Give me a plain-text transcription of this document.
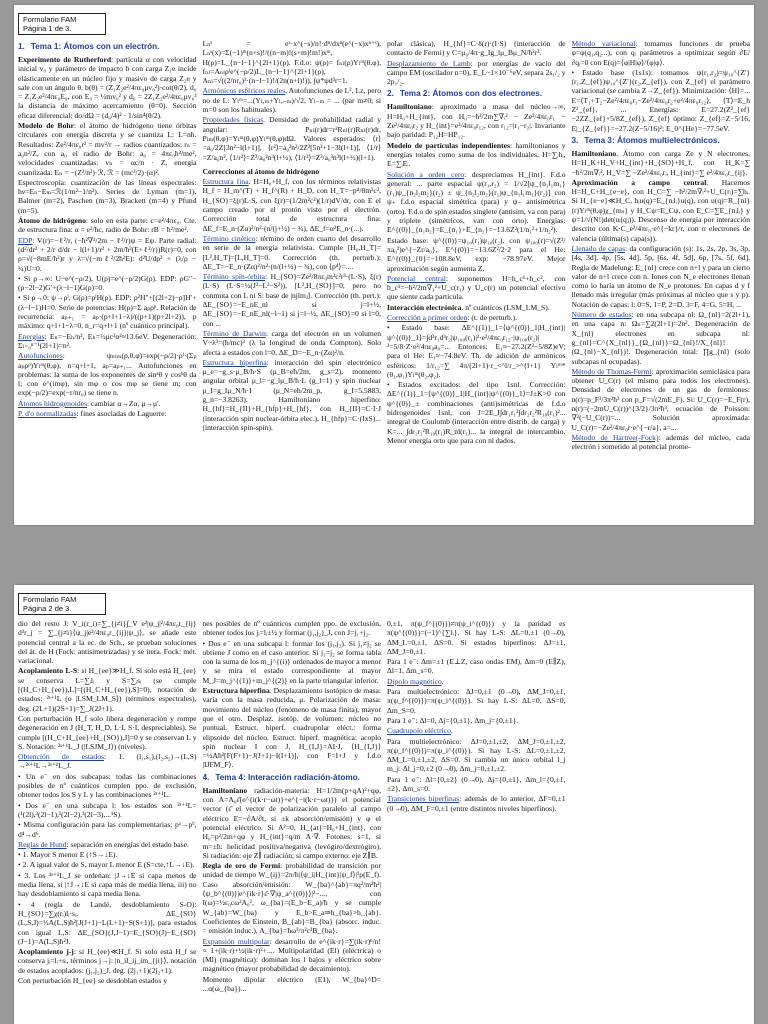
Formulario FAM
Página 1 de 3.
1. Tema 1: Átomos con un electrón.

Experimento de Rutherford: partícula α con velocidad inicial v₀ y parámetro de impacto b con carga Z₁e incide elásticamente en un núcleo fijo y masivo de carga Z₂e y sale con un ángulo θ. b(θ) = (Z₁Z₂e²/4πε₀μv₀²)·cot(θ/2), d₀ = Z₁Z₂e²/4πε₀E₀, con E₀ = ½mv₀² y d₀ = 2Z₁Z₂e²/4πε₀μv₀² la distancia de máximo acercamiento (θ=0). Sección eficaz diferencial: dσ/dΩ = (d₀/4)² · 1/sin⁴(θ/2).

Modelo de Bohr: el átomo de hidrógeno tiene órbitas circulares con energía discreta y se cuantiza L: L=nħ. Resultados: Ze²/4πε₀r² = mv²/r → radios cuantizados: rₙ = a₀n²/Z, con a₀ el radio de Bohr: a₀ = 4πε₀ħ²/me², velocidades cuantizadas: vₙ = αc/n · Z, energía cuantizada: Eₙ = −(Z²/n²)·ℛ, ℛ = (mc²/2)·(α)².

Espectroscopía: cuantización de las líneas espectrales: hν=Eₙ−Eₘ=ℛ(1/m²−1/n²). Series de Lyman (m=1), Balmer (m=2), Paschen (m=3), Brackett (m=4) y Pfund (m=5).

Átomo de hidrógeno: solo en esta parte: c=e²/4πε₀. Cte. de estructura fina: α = e²/ħc, radio de Bohr: rB = ħ²/me².

EDP: V(r)=−ℓ²/r, (−ħ²∇²/2m − ℓ²/r)ψ = Eψ. Parte radial: (d²/dr² + 2/r d/dr − l(l+1)/r² + 2m/ħ²(E+ℓ²/r))R(r)=0, con ρ=√(−8mE/ħ²)r y λ=√(−mℓ²/2ħ²E): d²U/dρ² + (λ/ρ − ¼)U=0.

• Si ρ→∞: U~e^(−ρ/2), U(ρ)=e^(−ρ/2)G(ρ). EDP: ρG″−(ρ−2l−2)G′+(λ−l−1)G(ρ)=0.

• Si ρ→0: ψ→ρˡ, G(ρ)=ρˡH(ρ). EDP: ρ²H″+[(2l+2)−ρ]H′+(λ−l−1)H=0. Serie de potencias: H(ρ)=Σ aₚρᵖ. Relación de recurrencia: aₚ₊₁ = aₚ·(p+l+1−λ)/((p+1)(p+2l+2)), p máximo: q+l+1−λ=0, n_r=q+l+1 (nº cuántico principal).

Energías: Eₙ=−Eₕ/n², Eₕ=½μc²α²≈13.6eV. Degeneración: Σₗ₌₀ⁿ⁻¹(2l+1)=n².

Autofunciones: ψₙₗₘ(ρ,θ,φ)=exp(−ρ/2)·ρˡ·(Σₚ aₚρᵖ)Yₗᵐ(θ,φ), n=q+l+1, aₚ=aₚ₊₁... Autofunciones en problemas: la suma de los exponentes de sinᵃθ y cosᵇθ da l; con e^(imφ), sin mφ o cos mφ se tiene m; con exp(−ρ/2)=exp(−r/nr₀) se tiene n.

Átomos hidrogenoides: cambiar α→Zα, μ→μ′.

P. d'o normalizadas: fines asociadas de Laguerre:

Lₙˢ = eˣ·x^(−s)/n!·dⁿ/dxⁿ(e^(−x)xⁿ⁺ˢ), Lₙˢ(x)=Σ(−1)ᵐ(n+s)!/((n−m)!(s+m)!m!)xᵐ, H(ρ)=L_{n−l−1}^{2l+1}(ρ). F.d.o: ψ(ρ)= fₙₗ(ρ)Yₗᵐ(θ,φ), fₙₗ=Aₙₗρˡe^(−ρ/2)L_{n−l−1}^{2l+1}(ρ), Aₙₗ=√((2/nr₀)³·(n−l−1)!/(2n(n+l)!)), ∫ψ*ψd³r=1.

Armónicos esféricos reales. Autofunciones de L², Lz, pero no de L: Yₗᵐ=...(Yₗ,ₘ+Yₗ,₋ₘ)/√2, Yₗ₋ₘ = ... (par m≠0; si m=0 son los habituales).

Propiedades físicas. Densidad de probabilidad radial y angular: Pₙₗ(r)dr=r²Rₙₗ(r)Rₙₗ(r)dr, Pₗₘ(θ,φ)=Yₗᵐ(θ,φ)Yₗᵐ(θ,φ)dΩ. Valores esperados: ⟨r⟩=a₀/2Z[3n²−l(l+1)], ⟨r²⟩=a₀²n²/2Z²[5n²+1−3l(l+1)], ⟨1/r⟩=Z/a₀n², ⟨1/r²⟩=Z²/a₀²n³(l+½), ⟨1/r³⟩=Z³/a₀³n³l(l+½)(l+1).

Correcciones al átomo de hidrógeno

Estructura fina. H=H₀+H_f, con los términos relativistas H_f = H_m^(T) + H_f^(R) + H_D, con H_T=−p⁴/8m³c², H_{SO}=ξ(r)L·S, con ξ(r)=(1/2m²c²)(1/r)dV/dr, con E el campo creado por el protón visto por el electrón. Corrección total de estructura fina: ΔE_f=E_n·(Zα)²/n²·(n/(j+½) − ¾), ΔE_f=α²E_n·(...).

Término cinético: término de orden cuarto del desarrollo en serie de la energía relativista. Cumple [H₀,H_T]=[L²,H_T]=[L,H_T]=0. Corrección (th. perturb.): ΔE_T=−E_n·(Zα)²/n²·(n/(l+½) − ¾), con ⟨p⁴⟩=....

Término spin-órbita: H_{SO}=Ze²/8πε₀m²c²r³·(L·S), ξ(r)(L·S) (L·S=½(J²−L²−S²)), [L²,H_{SO}]=0, pero no conmuta con L ni S: base de |njlmⱼ⟩. Corrección (th. pert.): ΔE_{SO}=−E_nE_nl si j=l+½, ΔE_{SO}=−E_nE_nl(−l−1) si j=l−½, ΔE_{SO}=0 si l=0, con ...

Término de Darwin: carga del electrón en un volumen V~λ³=(ħ/mc)³ (λ la longitud de onda Compton). Solo afecta a estados con l=0, ΔE_D=−E_n·(Zα)²/n.

Estructura hiperfina: interacción del spin electrónico μ_e=−g_s·μ_B/ħ·S (μ_B=eħ/2m, g_s=2), momento angular orbital μ_l=−g_lμ_B/ħ·L (g_l=1) y spin nuclear μ_I=g_Iμ_N/ħ·I (μ_N=eħ/2m_p, g_I=5.5883, g_n=−3.8263). Hamiltoniano hiperfino: H_{hf}=H_{II}+H_{hfp}+H_{hf}, con H_{II}=C·I·J (interacción spin nuclear-órbita elec.), H_{hfp}=C·(IxS)... (interacción spin-spin).

polar clásica), H_{hf}=C·δ(r)·(I·S) (interacción de contacto de Fermi) y C=μ₀/4π·g_Ig_lμ_Bμ_N/ħ²r³.

Desplazamiento de Lamb: por energías de vacío del campo EM (oscilador n=0), E_L~1×10⁻⁶eV, separa 2s₁/₂ y 2p₁/₂.

2. Tema 2: Átomos con dos electrones.

Hamiltoniano: aproximado a masa del núcleo→∞, H=H₀+H_{int}, con H₀=−ħ²/2m∑∇ᵢ² − Ze²/4πε₀r₁ − Ze²/4πε₀r₂ y H_{int}=e²/4πε₀r₁₂, con r₁₂=|r₁−r₂|. Invariante bajo paridad: P₁₂H=HP₁₂.

Modelo de partículas independientes: hamiltonianos y energías totales como suma de los individuales, H=∑ᵢhᵢ, E=∑ᵢEᵢ.

Solución a orden cero: despreciamos H_{int}. F.d.o general: ... parte espacial ψ(r₁,r₂) = 1/√2[ψ_{n₁l₁m₁}(r₁)ψ_{n₂l₂m₂}(r₂) ± ψ_{n₂l₂m₂}(r₁)ψ_{n₁l₁m₁}(r₂)] con ψ₊ f.d.o espacial simétrica (para) y ψ₋ antisimétrica (orto). F.d.o de spin estados singlete (antisim, va con para) y triplete (simétricos, van con orto). Energías: E^{(0)}_{n₁n₂}=E_{n₁}+E_{n₂}=−13.6Z²(1/n₁²+1/n₂²).

Estado base: ψ^{(0)}=ψ₁₀(r₁)ψ₁₀(r₂), con ψ₁₀₀(r)=√(Z³/πa₀³)e^{−Zr/a₀}, E^{(0)}=−13.6Z²/2·2 para el He: E^{(0)}_{0}=−108.8eV, exp: −78.97eV. Mejor aproximación según aumenta Z.

Potencial central: suponemos H=h_c¹+h_c², con h_c¹=−ħ²/2m∇₁²+U_c(r₁) y U_c(r) un potencial efectivo que siente cada partícula.

Interacción electrónica. nº cuánticos (LSM_LM_S).

Corrección a primer orden: (t. de perturb.).

• Estado base: ΔE^{(1)}_1=⟨ψ^{(0)}_1|H_{int}|ψ^{(0)}_1⟩=∫d³r₁d³r₂|ψ₁₀₀(r₁)|²·e²/4πε₀r₁₂·|ψ₁₀₀(r₂)|²=5/8·Z·e²/4πε₀a₀=... Entonces: E₁≈−27.2(Z²−5/8Z)eV; para el He: E₁≈−74.8eV. Th. de adición de armónicos esféricos: 1/r₁₂=∑ 4π/(2l+1)·r_<^l/r_>^{l+1} Yₗᵐ*(θ₁,φ₁)Yₗᵐ(θ₂,φ₂).

• Estados excitados: del tipo 1snl. Corrección: ΔE^{(1)}_1=⟨ψ^{(0)}_1|H_{int}|ψ^{(0)}_1⟩=J±K>0 con ψ^{(0)}_± combinaciones (anti)simétricas de f.d.o hidrogenoides 1snl, con J=2E_I∫dr₁r₁²∫dr₂r₂²R₁₀(r₁)²... integral de Coulomb (interacción entre distrib. de carga) y K=... ∫dr₁r₁²R₁₀(r₁)R_nl(r₁)... la integral de intercambio. Menor energía orto que para con nl dados.

Método variacional: tomamos funciones de prueba φ=φ(q₁,q₂...), con qᵢ parámetros a optimizar según ∂E/∂qᵢ=0 con E(q)=⟨φ|H|φ⟩/⟨φ|φ⟩.

• Estado base (1s1s): tomamos ψ(r₁,r₂)=ψ₁₀^{Z'}(r₁,Z_{ef})ψ₁₀^{Z'}(r₂,Z_{ef}), con Z_{ef} el parámetro variacional (se cambia Z→Z_{ef}). Minimización: ⟨H⟩=... E=⟨T₁+T₂−Ze²/4πε₀r₁−Ze²/4πε₀r₂+e²/4πε₀r₁₂⟩, ⟨T⟩=E_h Z²_{ef}, ... Energías: E=27.2(Z²_{ef}−2ZZ_{ef}+5/8Z_{ef}), Z_{ef} óptimo: Z_{ef}=Z−5/16, E|_{Z_{ef}}=−27.2(Z−5/16)²; E_0^{He}=−77.5eV.

3. Tema 3: Átomos multielectrónicos.

Hamiltoniano. Átomo con carga Ze y N electrones, H=H_K+H_V+H_{int}+H_{SO}+H_f, con H_K=∑ −ħ²/2m∇ᵢ², H_V=∑ −Ze²/4πε₀rᵢ, H_{int}=∑ e²/4πε₀r_{ij}.

Aproximación a campo central. Hacemos H=H_C+H_{e−e}, con H_C=∑ −ħ²/2m∇ᵢ²+U_C(rᵢ)=∑hᵢ. Si H_{e−e}≪H_C, hᵢu(q)=E_{nᵢlᵢ}u(q), con u(q)=R_{nl}(r)Yₗᵐ(θ,φ)χ_{mₛ} y H_Cψ=E_Cψ, con E_C=∑E_{nᵢlᵢ} y ψ=1/√(N!)det(uᵢ(qⱼ)). Descenso de energía por interacción descrito con K·C_e²/4πε₀·e^{−kr}/r, con σ electrones de valencia (última(s) capa(s)).

Llenado de capas: da configuración (s): 1s, 2s, 2p, 3s, 3p, [4s, 3d], 4p, [5s, 4d], 5p, [6s, 4f, 5d], 6p, [7s, 5f, 6d]. Regla de Madelung: E_{nl} crece con n+l y para un cierto valor de n+l crece con n. Iones con N_e electrones llenan como lo haría un átomo de N_e protones. En capas d y f llenado más irregular (más próximas al núcleo que s y p). Notación de capas: l: 0=S, 1=P, 2=D, 3=F, 4=G, 5=H, ...

Número de estados: en una subcapa nl: Ω_{nl}=2(2l+1), en una capa n: Ωₙ=∑2(2l+1)=2n². Degeneración de X_{nl} electrones en subcapa nl: g_{nl}=C^{X_{nl}}_{Ω_{nl}}=Ω_{nl}!/X_{nl}!(Ω_{nl}−X_{nl})!. Degeneración total: ∏g_{nl} (solo subcapas nl ocupadas).

Método de Thomas-Fermi: aproximación semiclásica para obtener U_C(r) (el mismo para todos los electrones). Densidad de electrones de un gas de fermiones: n(r)=p_F³/3π²ħ³ con p_F=√(2mE_F). Si: U_C(r)=−E_F(r), n(r)=(−2mU_C(r))^{3/2}/3π²ħ³, ecuación de Poisson: ∇²(−U_C(r))=... Solución aproximada: U_C(r)=−Ze²/4πε₀r·e^{−r/a}, a=...

Método de Hartree(-Fock): además del núcleo, cada electrón i sometido al potencial prome-

Formulario FAM
Página 2 de 3.

dio del resto J: V_i(r_i)=∑_{j≠i}∫_V e²|ψ_j|²/4πε₀r_{ij} d³r_j = ∑_{j≠i}⟨ψ_j|e²/4πε₀r_{ij}|ψ_j⟩, se añade este potencial central a la ec. de Sch., se prueban soluciones del át. de H (Fock: antisimetrizadas) y se itera. Fock: mét. variacional.

Acoplamiento L-S: si H_{ee}≫H_f. Si solo está H_{ee} se conserva L=∑ᵢlᵢ y S=∑ᵢsᵢ (se cumple [(H_C+H_{ee}),L]=[(H_C+H_{ee}),S]=0), notación de estados: ²ˢ⁺¹L (o |LSM_LM_S⟩) (términos espectrales), deg. (2L+1)(2S+1)=∑_J(2J+1).

Con perturbación H_f solo libera degeneración y rompe degeneración en J (H_T, H_D, L·I, S·I, despreciables). Se cumple [(H_C+H_{ee}+H_{SO}),J]=0 y se conservan L y S. Notación: ²ˢ⁺¹L_J (|LSJM_J⟩) (niveles).

Obtención de estados: 1. (l₁,s₁),(l₂,s₂)→(L,S) →²ˢ⁺¹L→²ˢ⁺¹L_J.

• Un e⁻ en dos subcapas: todas las combinaciones posibles de nº cuánticos cumplen ppo. de exclusión, obtener todos los S y L y las combinaciones ²ˢ⁺¹L.

• Dos e⁻ en una subcapa l: los estados son ²ˢ⁺¹L=(¹(2l),³(2l−1),¹(2l−2),³(2l−3),...¹S).

• Misma configuración para las complementarias: pᵃ→pᵇ, d⁴→d⁶.

Reglas de Hund: separación en energías del estado base.

• 1. Mayor S menor E (↑S→↓E).

• 2. A igual valor de S, mayor L menor E (S=cte,↑L→↓E).

• 3. Los ²ˢ⁺¹L_J se ordenan: |J→↓E si capa menos de media llena, si |↑J→↓E si capa más de media llena, iii) no hay desdoblamiento si capa media llena.

• 4 (regla de Landé, desdoblamiento S-O): H_{SO}=∑χ(rᵢ)lᵢ·sᵢ, ΔE_{SO}(L,S,J)=½A(L,S)ħ²[J(J+1)−L(L+1)−S(S+1)], para estados con igual L,S: ΔE_{SO}(J,J−1)=E_{SO}(J)−E_{SO}(J−1)=A(L,S)ħ²J.

Acoplamiento j-j: si H_{ee}≪H_f. Si solo está H_f se conserva jᵢ=lᵢ+sᵢ, términos j→j: |n_il_ij_im_{ji}⟩, notación de estados acoplados: (j₁,j₂)_J, deg. (2j₁+1)(2j₂+1).

Con perturbación H_{ee} se desdoblan estados y

nes posibles de nº cuánticos cumplen ppo. de exclusión, obtener todos los jᵢ=lᵢ±½ y formar (j₁,j₂)_J, con J=j₁+j₂.

• Dos e⁻ en una subcapa l: formar los (j₁,j₂). Si j₁≠j₂ se obtiene J como en el caso anterior. Si j₁=j₂ se forma tabla con la suma de los m_j^{(i)} ordenados de mayor a menor y se mira el estado correspondiente al mayor M_J=m_j^{(1)}+m_j^{(2)} en la parte triangular inferior.

Estructura hiperfina. Desplazamiento isotópico de masa: varía con la masa reducida, μ. Polarización de masa: movimiento del núcleo (fenómeno de masa finita), mayor que el otro. Desplaz. isotóp. de volumen: núcleo no puntual. Estruct. hiperf. cuadrupolar eléct.: forma elipsoide del núcleo. Estruct. hiperf. magnética: acoplo spin nuclear I con J, H_{I,J}=AI·J, ⟨H_{I,J}⟩=½Aħ²[F(F+1)−J(J+1)−I(I+1)], con F=I+J y f.d.o |IJFM_F⟩.

4. Tema 4: Interacción radiación-átomo.

Hamiltoniano radiación-materia: H=1/2m(p+qA)²+qφ, con A=A₀ε̂(e^{i(k·r−ωt)}+e^{−i(k·r−ωt)}) el potencial vector (ε̂ el vector de polarización paralelo al campo eléctrico E=−∂A/∂t, si ±k absorción/emisión) y φ el potencial eléctrico. Si A²=0, H_{at}=H₀+H_{int}, con H₀=p²/2m+qφ y H_{int}=q/m A·∇. Fotones: s=1, si m=±ħ: helicidad positiva/negativa (levógiro/dextrógiro). Si radiación: eje Z∥ radiación; si campo externo: eje Z∥B.

Regla de oro de Fermi: probabilidad de transición por unidad de tiempo W_{ij}=2π/ħ|⟨ψ_i|H_{int}|ψ_f⟩|²ρ(E_f). Caso absorción/emisión: W_{ba}^{ab}=πq²/m²ħ²|⟨ψ_b^{(0)}|e^{ik·r}ε̂·∇|ψ_a^{(0)}⟩|²−..., con I(ω)=½ε₀cω²A₀², ω_{ba}=(E_b−E_a)/ħ y se cumple W_{ab}=W_{ba} y E_b>E_a⇒h_{ba}>h_{ab}. Coeficientes de Einstein, B_{ab}=B_{ba} (absorc. induc. = emisión induc.), A_{ba}=ħω³/π²c³B_{ba}.

Expansión multipolar: desarrollo de e^{ik·r}=∑(ik·r)ⁿ/n! ≈ 1+(ik·r)+½(ik·r)²+.... Multipolaridad (El) (eléctrica) o (Ml) (magnética): dominan los l bajos y eléctrico sobre magnético (mayor probabilidad de decaimiento).

Momento dipolar eléctrico (E1), W_{ba}^D= ...α(ω_{ba})...

0,±1, π(ψ_f^{(0)})≠π(ψ_i^{(0)}) y la paridad es π(ψ^{(0)})=(−1)^{∑lᵢ}. Si hay L-S: ΔL=0,±1 (0↛0), ΔM_L=0,±1, ΔS=0. Si estados hiperfinos: ΔJ=±1, ΔM_J=0,±1.

Para 1 e⁻: Δm=±1 (E⊥Z, caso ondas EM), Δm=0 (E∥Z), Δl=1, Δm_s=0.

Dipolo magnético.

Para multielectrónico: ΔJ=0,±1 (0↛0), ΔM_J=0,±1, π(ψ_f^{(0)})=π(ψ_i^{(0)}). Si hay L-S: ΔL=0, ΔS=0, Δm_S=0.

Para 1 e⁻: Δl=0, Δj={0,±1}, Δm_j={0,±1}.

Cuadrupolo eléctrico.

Para multielectrónico: ΔJ=0,±1,±2, ΔM_J=0,±1,±2, π(ψ_f^{(0)})=π(ψ_i^{(0)}). Si hay L-S: ΔL=0,±1,±2, ΔM_L=0,±1,±2, ΔS=0. Si cambia un único orbital l_j m_j: Δl_j=0,±2 (0↛0), Δm_j=0,±1,±2.

Para 1 e⁻: Δl={0,±2} (0↛0), Δj={0,±1}, Δm_l={0,±1,±2}, Δm_s=0.

Transiciones hiperfinas: además de lo anterior, ΔF=0,±1 (0↛0), ΔM_F=0,±1 (entre distintos niveles hiperfinos).
